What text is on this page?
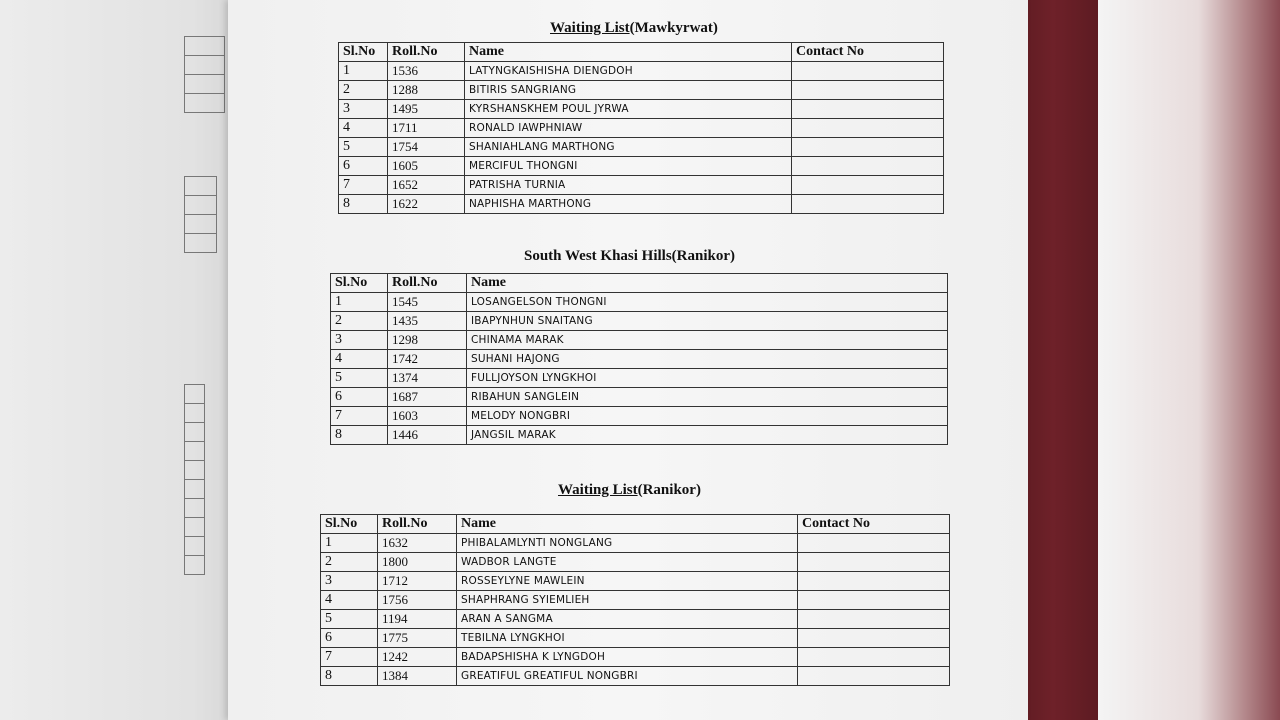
Waiting List(Mawkyrwat)
Sl.No	Roll.No	Name	Contact No
1	1536	LATYNGKAISHISHA DIENGDOH	
2	1288	BITIRIS SANGRIANG	
3	1495	KYRSHANSKHEM POUL JYRWA	
4	1711	RONALD IAWPHNIAW	
5	1754	SHANIAHLANG MARTHONG	
6	1605	MERCIFUL THONGNI	
7	1652	PATRISHA TURNIA	
8	1622	NAPHISHA MARTHONG	
South West Khasi Hills(Ranikor)
Sl.No	Roll.No	Name
1	1545	LOSANGELSON THONGNI
2	1435	IBAPYNHUN SNAITANG
3	1298	CHINAMA MARAK
4	1742	SUHANI HAJONG
5	1374	FULLJOYSON LYNGKHOI
6	1687	RIBAHUN SANGLEIN
7	1603	MELODY NONGBRI
8	1446	JANGSIL MARAK
Waiting List(Ranikor)
Sl.No	Roll.No	Name	Contact No
1	1632	PHIBALAMLYNTI NONGLANG	
2	1800	WADBOR LANGTE	
3	1712	ROSSEYLYNE MAWLEIN	
4	1756	SHAPHRANG SYIEMLIEH	
5	1194	ARAN A SANGMA	
6	1775	TEBILNA LYNGKHOI	
7	1242	BADAPSHISHA K LYNGDOH	
8	1384	GREATIFUL GREATIFUL NONGBRI	
